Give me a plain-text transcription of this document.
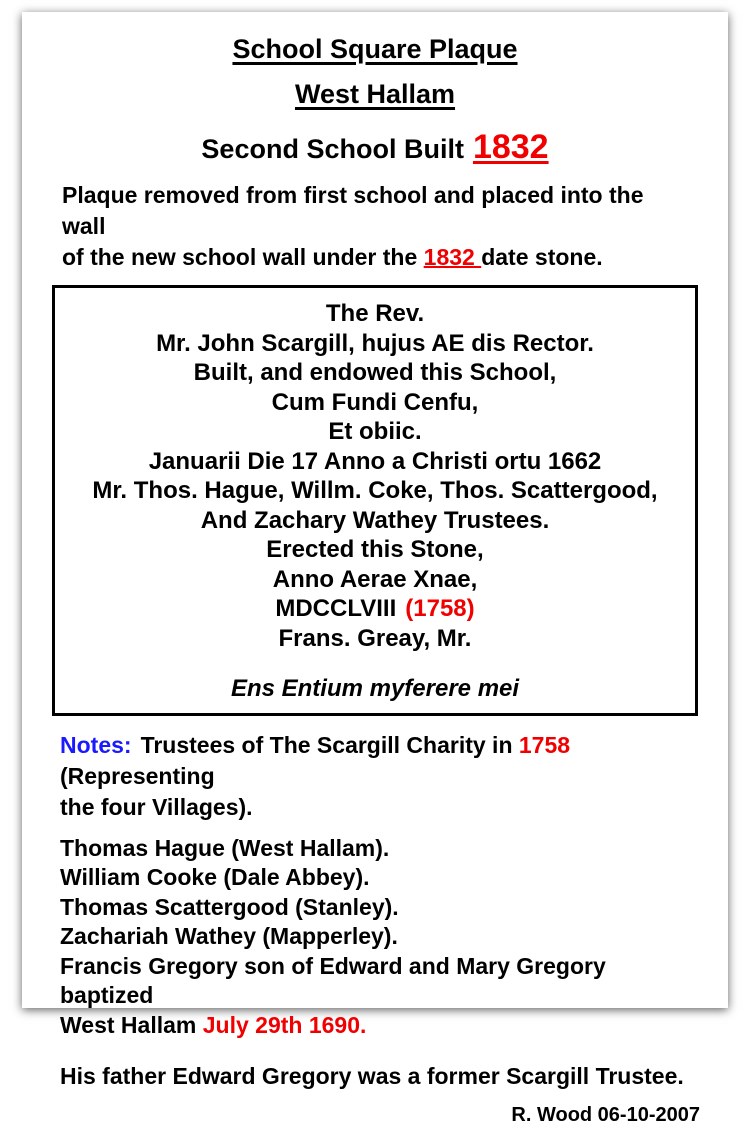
School Square Plaque
West Hallam
Second School Built 1832
Plaque removed from first school and placed into the wall
of the new school wall under the 1832 date stone.
The Rev.
Mr. John Scargill, hujus AE dis Rector.
Built, and endowed this School,
Cum Fundi Cenfu,
Et obiic.
Januarii Die 17 Anno a Christi ortu 1662
Mr. Thos. Hague, Willm. Coke, Thos. Scattergood,
And Zachary Wathey Trustees.
Erected this Stone,
Anno Aerae Xnae,
MDCCLVIII (1758)
Frans. Greay, Mr.
Ens Entium myferere mei
Notes: Trustees of The Scargill Charity in 1758 (Representing
the four Villages).
Thomas Hague (West Hallam).
William Cooke (Dale Abbey).
Thomas Scattergood (Stanley).
Zachariah Wathey (Mapperley).
Francis Gregory son of Edward and Mary Gregory baptized
West Hallam July 29th 1690.
His father Edward Gregory was a former Scargill Trustee.
R. Wood 06-10-2007
